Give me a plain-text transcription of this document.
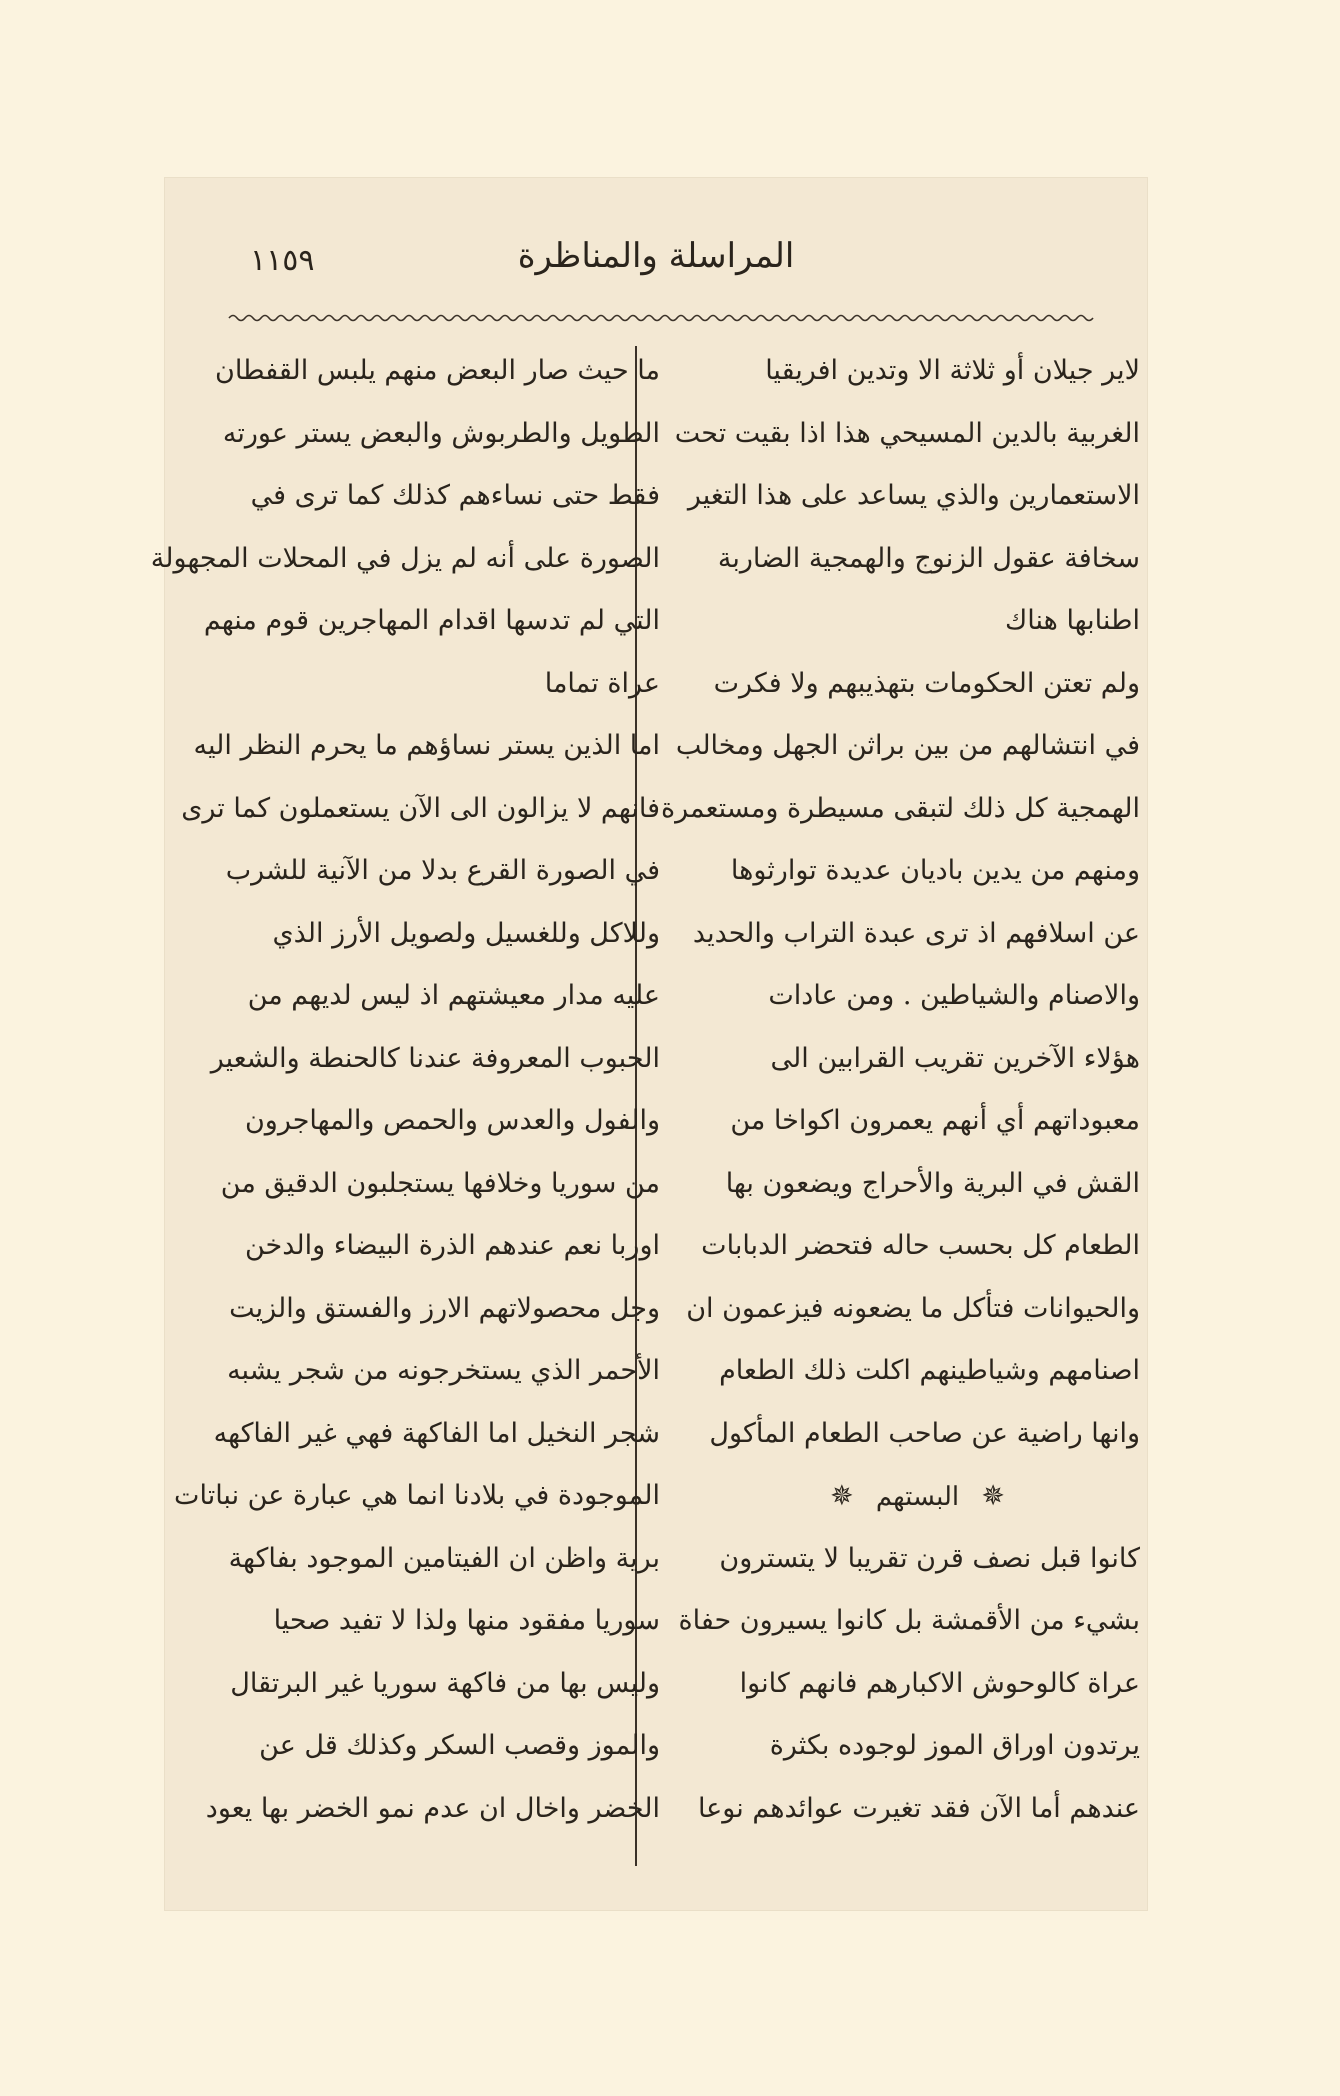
١١٥٩	المراسلة والمناظرة
لاير جيلان أو ثلاثة الا وتدين افريقيا
الغربية بالدين المسيحي هذا اذا بقيت تحت
الاستعمارين والذي يساعد على هذا التغير
سخافة عقول الزنوج والهمجية الضاربة
اطنابها هناك
ولم تعتن الحكومات بتهذيبهم ولا فكرت
في انتشالهم من بين براثن الجهل ومخالب
الهمجية كل ذلك لتبقى مسيطرة ومستعمرة
ومنهم من يدين باديان عديدة توارثوها
عن اسلافهم اذ ترى عبدة التراب والحديد
والاصنام والشياطين . ومن عادات
هؤلاء الآخرين تقريب القرابين الى
معبوداتهم أي أنهم يعمرون اكواخا من
القش في البرية والأحراج ويضعون بها
الطعام كل بحسب حاله فتحضر الدبابات
والحيوانات فتأكل ما يضعونه فيزعمون ان
اصنامهم وشياطينهم اكلت ذلك الطعام
وانها راضية عن صاحب الطعام المأكول
✵ البستهم ✵
كانوا قبل نصف قرن تقريبا لا يتسترون
بشيء من الأقمشة بل كانوا يسيرون حفاة
عراة كالوحوش الاكبارهم فانهم كانوا
يرتدون اوراق الموز لوجوده بكثرة
عندهم أما الآن فقد تغيرت عوائدهم نوعا
ما حيث صار البعض منهم يلبس القفطان
الطويل والطربوش والبعض يستر عورته
فقط حتى نساءهم كذلك كما ترى في
الصورة على أنه لم يزل في المحلات المجهولة
التي لم تدسها اقدام المهاجرين قوم منهم
عراة تماما
اما الذين يستر نساؤهم ما يحرم النظر اليه
فانهم لا يزالون الى الآن يستعملون كما ترى
في الصورة القرع بدلا من الآنية للشرب
وللاكل وللغسيل ولصويل الأرز الذي
عليه مدار معيشتهم اذ ليس لديهم من
الحبوب المعروفة عندنا كالحنطة والشعير
والفول والعدس والحمص والمهاجرون
من سوريا وخلافها يستجلبون الدقيق من
اوربا نعم عندهم الذرة البيضاء والدخن
وجل محصولاتهم الارز والفستق والزيت
الأحمر الذي يستخرجونه من شجر يشبه
شجر النخيل اما الفاكهة فهي غير الفاكهه
الموجودة في بلادنا انما هي عبارة عن نباتات
برية واظن ان الفيتامين الموجود بفاكهة
سوريا مفقود منها ولذا لا تفيد صحيا
وليس بها من فاكهة سوريا غير البرتقال
والموز وقصب السكر وكذلك قل عن
الخضر واخال ان عدم نمو الخضر بها يعود
